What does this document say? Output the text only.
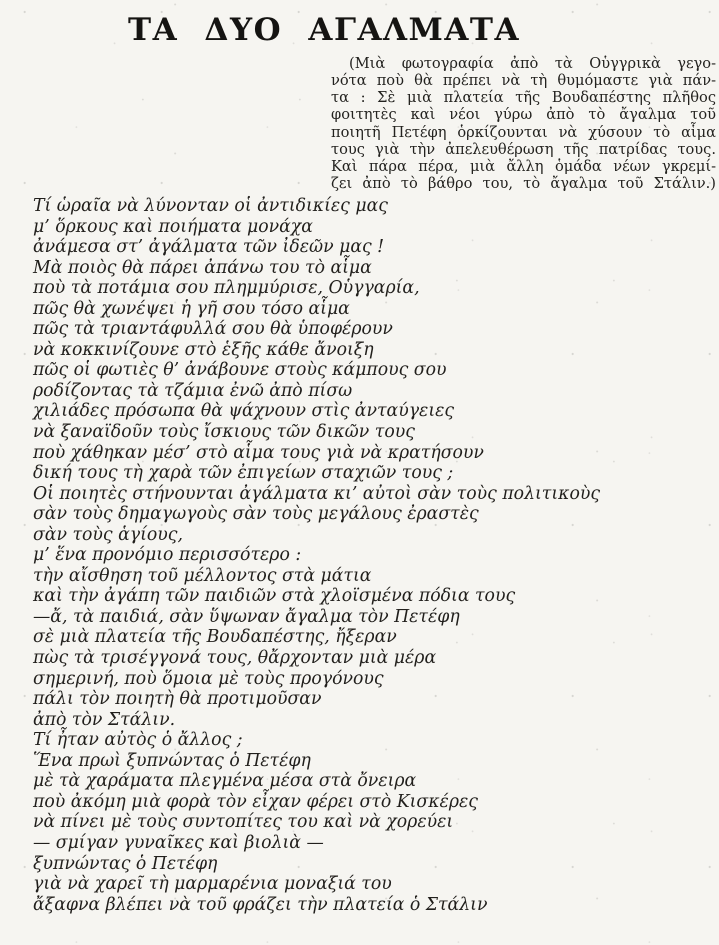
ΤΑ ΔΥΟ ΑΓΑΛΜΑΤΑ
(Μιὰ φωτογραφία ἀπὸ τὰ Οὑγγρικὰ γεγο-
νότα ποὺ θὰ πρέπει νὰ τὴ θυμόμαστε γιὰ πάν-
τα : Σὲ μιὰ πλατεία τῆς Βουδαπέστης πλῆθος
φοιτητὲς καὶ νέοι γύρω ἀπὸ τὸ ἄγαλμα τοῦ
ποιητῆ Πετέφη ὁρκίζουνται νὰ χύσουν τὸ αἷμα
τους γιὰ τὴν ἀπελευθέρωση τῆς πατρίδας τους.
Καὶ πάρα πέρα, μιὰ ἄλλη ὁμάδα νέων γκρεμί-
ζει ἀπὸ τὸ βάθρο του, τὸ ἄγαλμα τοῦ Στάλιν.)
Τί ὡραῖα νὰ λύνονταν οἱ ἀντιδικίες μας
μ’ ὅρκους καὶ ποιήματα μονάχα
ἀνάμεσα στ’ ἀγάλματα τῶν ἰδεῶν μας !
Μὰ ποιὸς θὰ πάρει ἀπάνω του τὸ αἷμα
ποὺ τὰ ποτάμια σου πλημμύρισε, Οὑγγαρία,
πῶς θὰ χωνέψει ἡ γῆ σου τόσο αἷμα
πῶς τὰ τριαντάφυλλά σου θὰ ὑποφέρουν
νὰ κοκκινίζουνε στὸ ἑξῆς κάθε ἄνοιξη
πῶς οἱ φωτιὲς θ’ ἀνάβουνε στοὺς κάμπους σου
ροδίζοντας τὰ τζάμια ἐνῶ ἀπὸ πίσω
χιλιάδες πρόσωπα θὰ ψάχνουν στὶς ἀνταύγειες
νὰ ξαναϊδοῦν τοὺς ἴσκιους τῶν δικῶν τους
ποὺ χάθηκαν μέσ’ στὸ αἷμα τους γιὰ νὰ κρατήσουν
δική τους τὴ χαρὰ τῶν ἐπιγείων σταχιῶν τους ;
Οἱ ποιητὲς στήνουνται ἀγάλματα κι’ αὐτοὶ σὰν τοὺς πολιτικοὺς
σὰν τοὺς δημαγωγοὺς σὰν τοὺς μεγάλους ἐραστὲς
σὰν τοὺς ἁγίους,
μ’ ἕνα προνόμιο περισσότερο :
τὴν αἴσθηση τοῦ μέλλοντος στὰ μάτια
καὶ τὴν ἀγάπη τῶν παιδιῶν στὰ χλοϊσμένα πόδια τους
—ἄ, τὰ παιδιά, σὰν ὕψωναν ἄγαλμα τὸν Πετέφη
σὲ μιὰ πλατεία τῆς Βουδαπέστης, ἤξεραν
πὼς τὰ τρισέγγονά τους, θἄρχονταν μιὰ μέρα
σημερινή, ποὺ ὅμοια μὲ τοὺς προγόνους
πάλι τὸν ποιητὴ θὰ προτιμοῦσαν
ἀπὸ τὸν Στάλιν.
Τί ἦταν αὐτὸς ὁ ἄλλος ;
Ἕνα πρωὶ ξυπνώντας ὁ Πετέφη
μὲ τὰ χαράματα πλεγμένα μέσα στὰ ὄνειρα
ποὺ ἀκόμη μιὰ φορὰ τὸν εἶχαν φέρει στὸ Κισκέρες
νὰ πίνει μὲ τοὺς συντοπίτες του καὶ νὰ χορεύει
— σμίγαν γυναῖκες καὶ βιολιὰ —
ξυπνώντας ὁ Πετέφη
γιὰ νὰ χαρεῖ τὴ μαρμαρένια μοναξιά του
ἄξαφνα βλέπει νὰ τοῦ φράζει τὴν πλατεία ὁ Στάλιν
